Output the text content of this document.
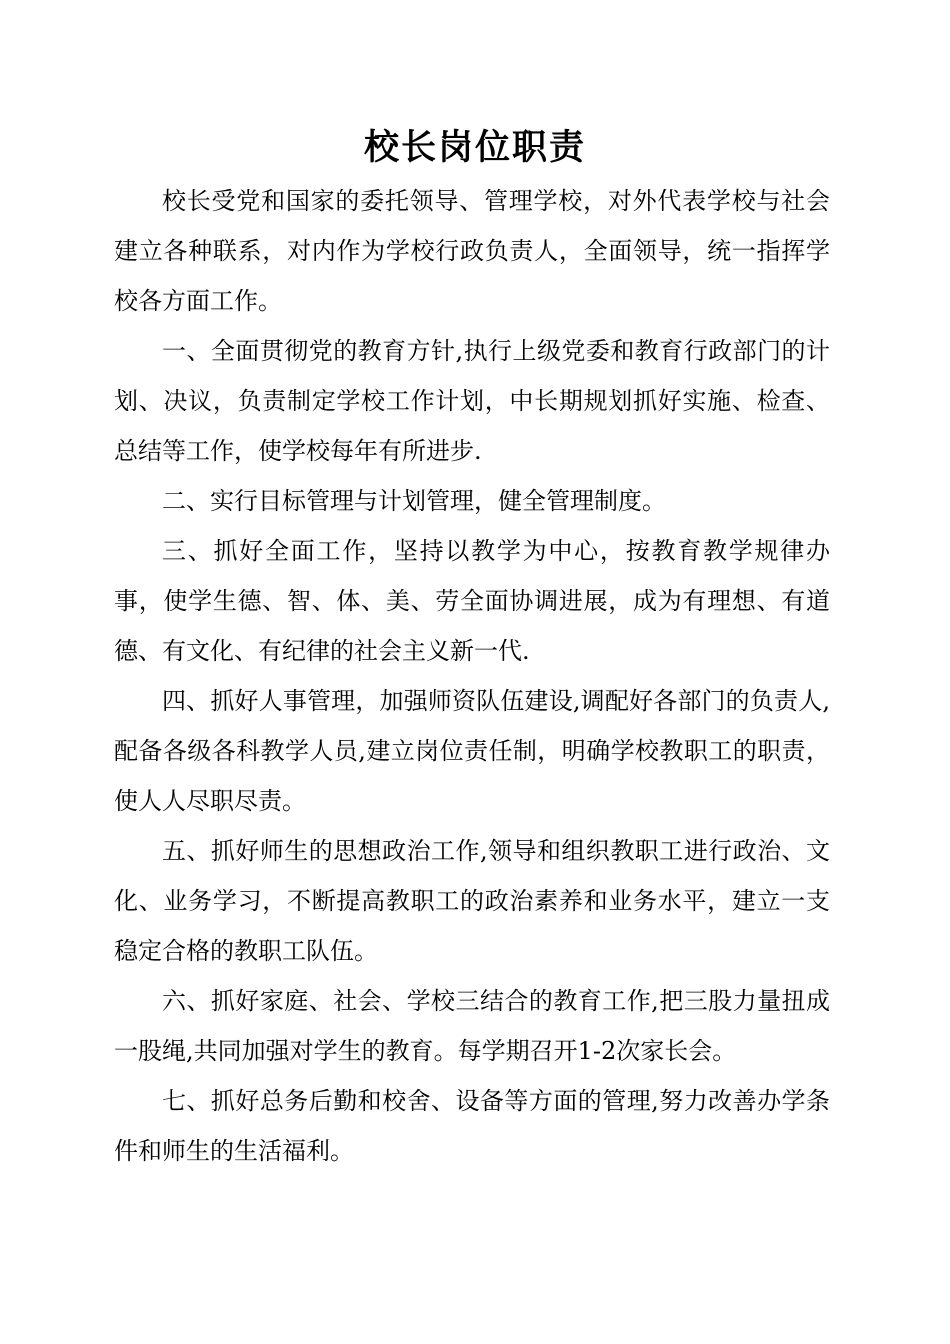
校长岗位职责

校长受党和国家的委托领导、管理学校，对外代表学校与社会建立各种联系，对内作为学校行政负责人，全面领导，统一指挥学校各方面工作。

一、全面贯彻党的教育方针,执行上级党委和教育行政部门的计划、决议，负责制定学校工作计划，中长期规划抓好实施、检查、总结等工作，使学校每年有所进步.

二、实行目标管理与计划管理，健全管理制度。

三、抓好全面工作，坚持以教学为中心，按教育教学规律办事，使学生德、智、体、美、劳全面协调进展，成为有理想、有道德、有文化、有纪律的社会主义新一代.

四、抓好人事管理，加强师资队伍建设,调配好各部门的负责人,配备各级各科教学人员,建立岗位责任制，明确学校教职工的职责，使人人尽职尽责。

五、抓好师生的思想政治工作,领导和组织教职工进行政治、文化、业务学习，不断提高教职工的政治素养和业务水平，建立一支稳定合格的教职工队伍。

六、抓好家庭、社会、学校三结合的教育工作,把三股力量扭成一股绳,共同加强对学生的教育。每学期召开1-2次家长会。

七、抓好总务后勤和校舍、设备等方面的管理,努力改善办学条件和师生的生活福利。
